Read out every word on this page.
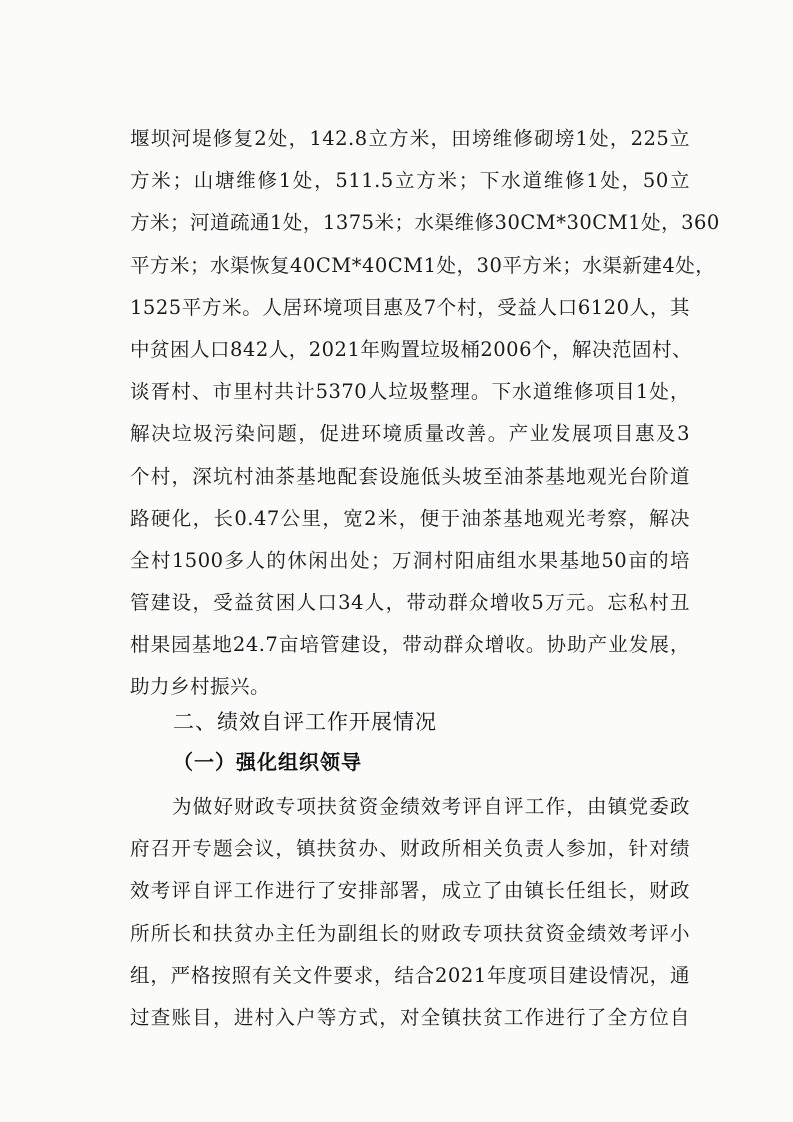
堰坝河堤修复2处，142.8立方米，田塝维修砌塝1处，225立
方米；山塘维修1处，511.5立方米；下水道维修1处，50立
方米；河道疏通1处，1375米；水渠维修30CM*30CM1处，360
平方米；水渠恢复40CM*40CM1处，30平方米；水渠新建4处，
1525平方米。人居环境项目惠及7个村，受益人口6120人，其
中贫困人口842人，2021年购置垃圾桶2006个，解决范固村、
谈胥村、市里村共计5370人垃圾整理。下水道维修项目1处，
解决垃圾污染问题，促进环境质量改善。产业发展项目惠及3
个村，深坑村油茶基地配套设施低头坡至油茶基地观光台阶道
路硬化，长0.47公里，宽2米，便于油茶基地观光考察，解决
全村1500多人的休闲出处；万洞村阳庙组水果基地50亩的培
管建设，受益贫困人口34人，带动群众增收5万元。忘私村丑
柑果园基地24.7亩培管建设，带动群众增收。协助产业发展，
助力乡村振兴。
二、绩效自评工作开展情况
（一）强化组织领导
为做好财政专项扶贫资金绩效考评自评工作，由镇党委政
府召开专题会议，镇扶贫办、财政所相关负责人参加，针对绩
效考评自评工作进行了安排部署，成立了由镇长任组长，财政
所所长和扶贫办主任为副组长的财政专项扶贫资金绩效考评小
组，严格按照有关文件要求，结合2021年度项目建设情况，通
过查账目，进村入户等方式，对全镇扶贫工作进行了全方位自
